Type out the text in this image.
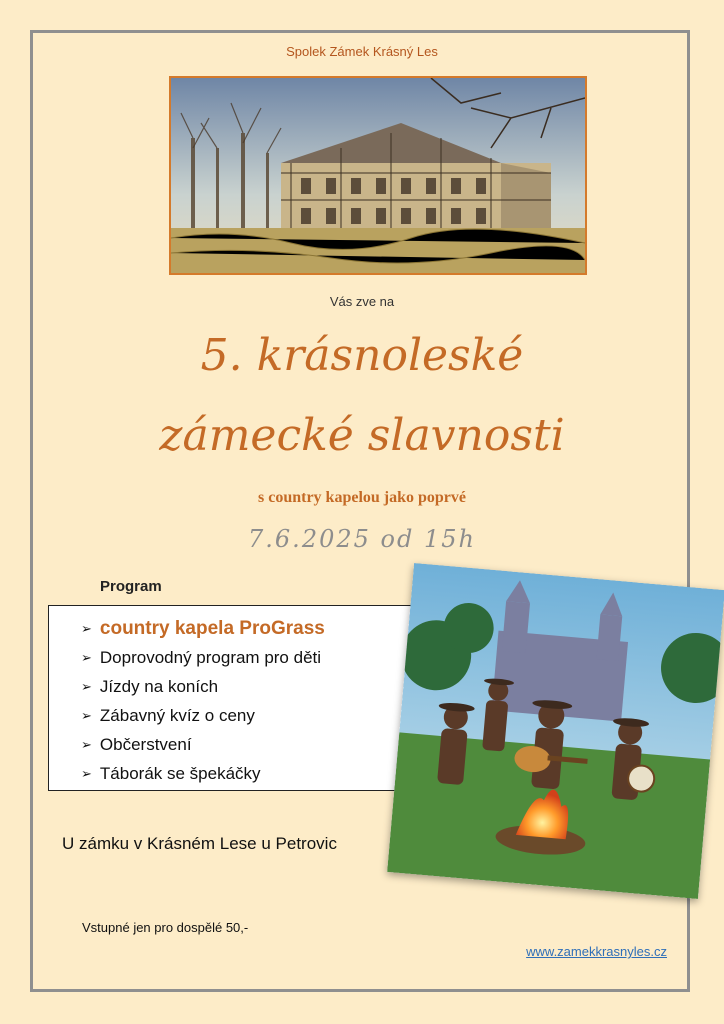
Spolek Zámek Krásný Les
Vás zve na
5. krásnoleské
zámecké slavnosti
s country kapelou jako poprvé
7.6.2025 od 15h
Program
➢ country kapela ProGrass
➢ Doprovodný program pro děti
➢ Jízdy na koních
➢ Zábavný kvíz o ceny
➢ Občerstvení
➢ Táborák se špekáčky
U zámku v Krásném Lese u Petrovic
Vstupné jen pro dospělé 50,-
www.zamekkrasnyles.cz
